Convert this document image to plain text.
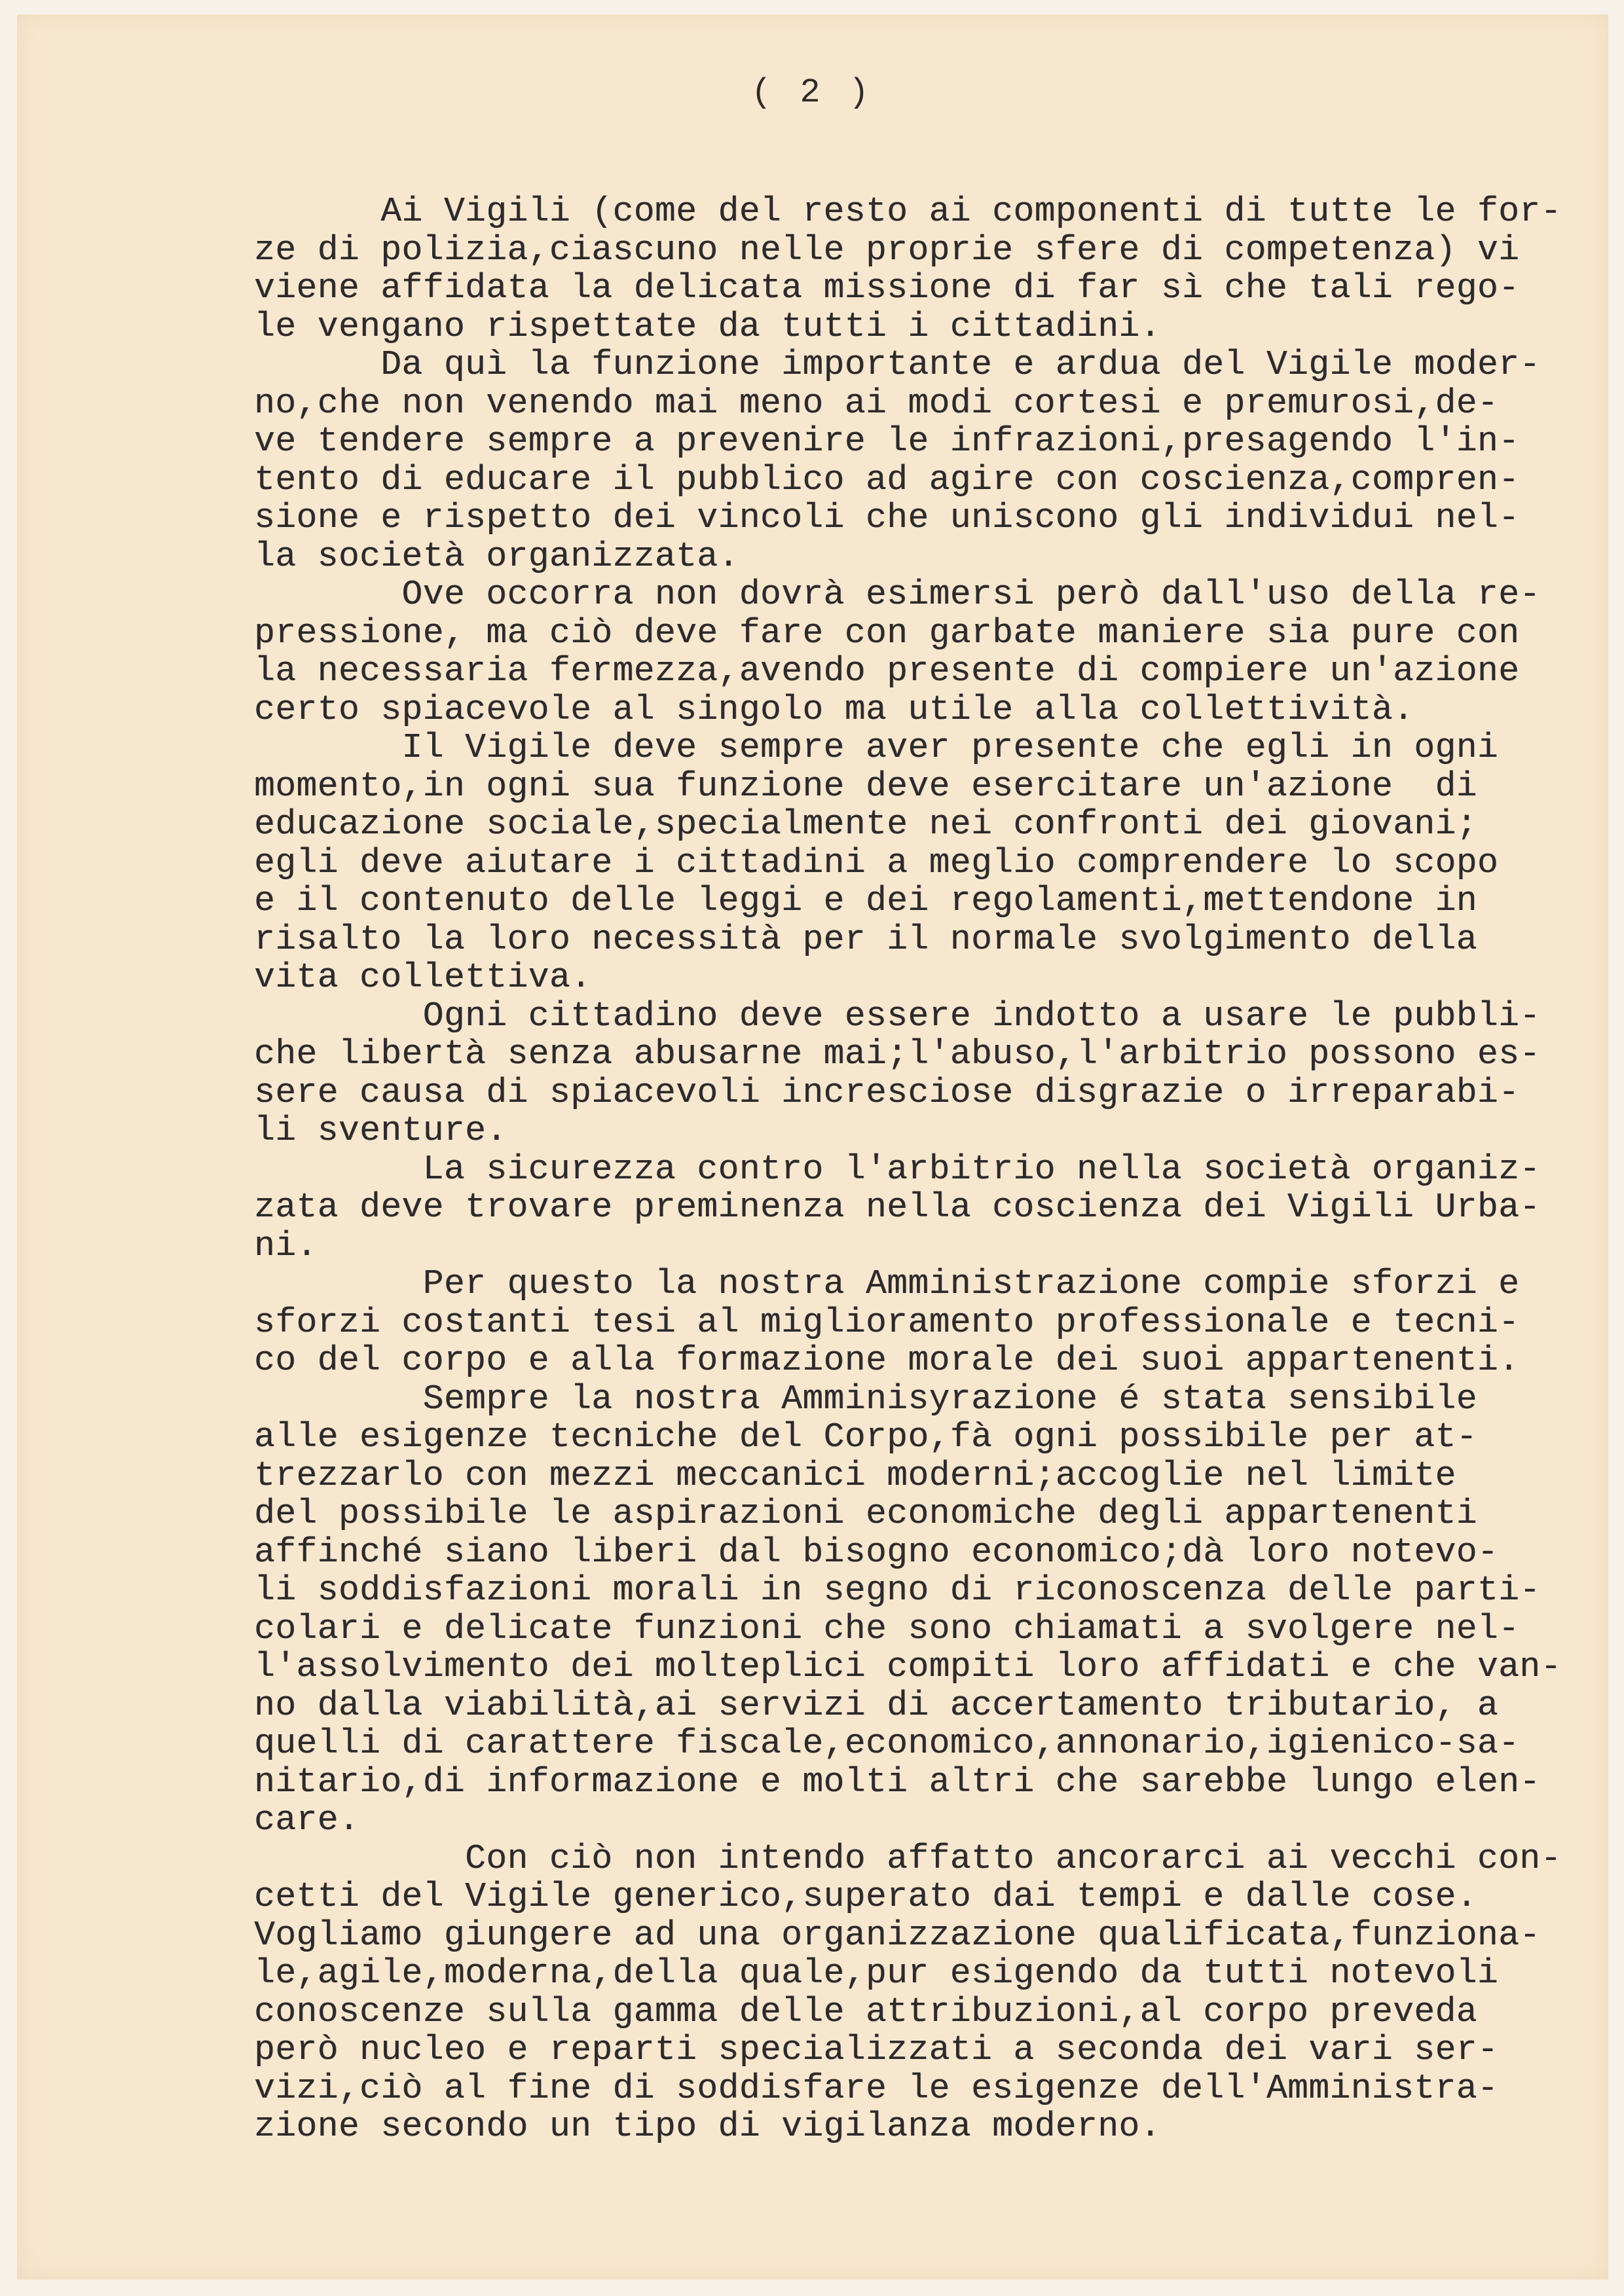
( 2 )
Ai Vigili (come del resto ai componenti di tutte le for-
ze di polizia,ciascuno nelle proprie sfere di competenza) vi
viene affidata la delicata missione di far sì che tali rego-
le vengano rispettate da tutti i cittadini.
Da quì la funzione importante e ardua del Vigile moder-
no,che non venendo mai meno ai modi cortesi e premurosi,de-
ve tendere sempre a prevenire le infrazioni,presagendo l'in-
tento di educare il pubblico ad agire con coscienza,compren-
sione e rispetto dei vincoli che uniscono gli individui nel-
la società organizzata.
Ove occorra non dovrà esimersi però dall'uso della re-
pressione, ma ciò deve fare con garbate maniere sia pure con
la necessaria fermezza,avendo presente di compiere un'azione
certo spiacevole al singolo ma utile alla collettività.
Il Vigile deve sempre aver presente che egli in ogni
momento,in ogni sua funzione deve esercitare un'azione  di
educazione sociale,specialmente nei confronti dei giovani;
egli deve aiutare i cittadini a meglio comprendere lo scopo
e il contenuto delle leggi e dei regolamenti,mettendone in
risalto la loro necessità per il normale svolgimento della
vita collettiva.
Ogni cittadino deve essere indotto a usare le pubbli-
che libertà senza abusarne mai;l'abuso,l'arbitrio possono es-
sere causa di spiacevoli incresciose disgrazie o irreparabi-
li sventure.
La sicurezza contro l'arbitrio nella società organiz-
zata deve trovare preminenza nella coscienza dei Vigili Urba-
ni.
Per questo la nostra Amministrazione compie sforzi e
sforzi costanti tesi al miglioramento professionale e tecni-
co del corpo e alla formazione morale dei suoi appartenenti.
Sempre la nostra Amminisyrazione é stata sensibile
alle esigenze tecniche del Corpo,fà ogni possibile per at-
trezzarlo con mezzi meccanici moderni;accoglie nel limite
del possibile le aspirazioni economiche degli appartenenti
affinché siano liberi dal bisogno economico;dà loro notevo-
li soddisfazioni morali in segno di riconoscenza delle parti-
colari e delicate funzioni che sono chiamati a svolgere nel-
l'assolvimento dei molteplici compiti loro affidati e che van-
no dalla viabilità,ai servizi di accertamento tributario, a
quelli di carattere fiscale,economico,annonario,igienico-sa-
nitario,di informazione e molti altri che sarebbe lungo elen-
care.
Con ciò non intendo affatto ancorarci ai vecchi con-
cetti del Vigile generico,superato dai tempi e dalle cose.
Vogliamo giungere ad una organizzazione qualificata,funziona-
le,agile,moderna,della quale,pur esigendo da tutti notevoli
conoscenze sulla gamma delle attribuzioni,al corpo preveda
però nucleo e reparti specializzati a seconda dei vari ser-
vizi,ciò al fine di soddisfare le esigenze dell'Amministra-
zione secondo un tipo di vigilanza moderno.
